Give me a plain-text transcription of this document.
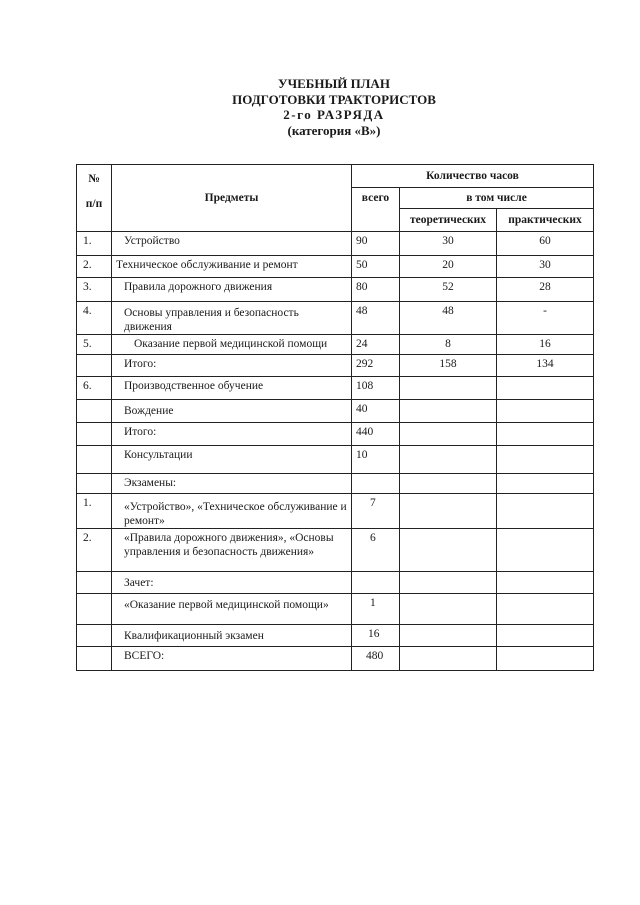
УЧЕБНЫЙ ПЛАН
ПОДГОТОВКИ ТРАКТОРИСТОВ
2-го РАЗРЯДА
(категория «В»)
№
п/п	Предметы	Количество часов		
		всего	в том числе	
			теоретических	практических
1.	Устройство	90	30	60
2.	Техническое обслуживание и ремонт	50	20	30
3.	Правила дорожного движения	80	52	28
4.	Основы управления и безопасность движения	48	48	-
5.	Оказание первой медицинской помощи	24	8	16
	Итого:	292	158	134
6.	Производственное обучение	108		
	Вождение	40		
	Итого:	440		
	Консультации	10		
	Экзамены:			
1.	«Устройство», «Техническое обслуживание и ремонт»	7		
2.	«Правила дорожного движения», «Основы управления и безопасность движения»	6		
	Зачет:			
	«Оказание первой медицинской помощи»	1		
	Квалификационный экзамен	16		
	ВСЕГО:	480		
